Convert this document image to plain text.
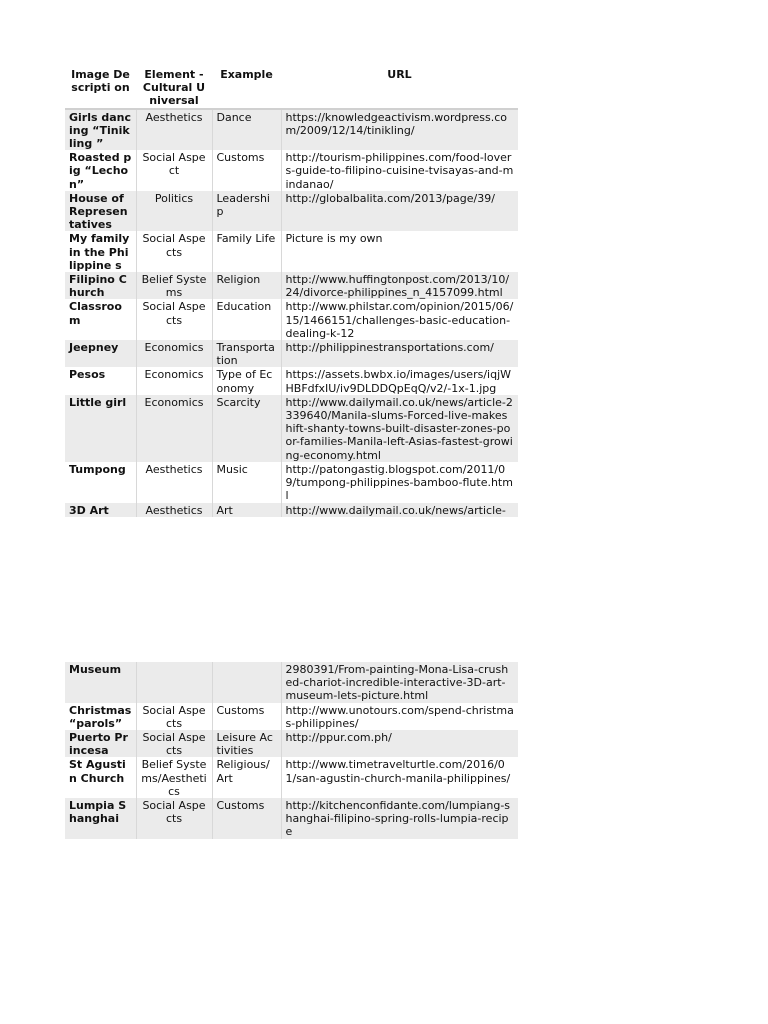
Image Descripti on	Element - Cultural Universal	Example	URL
Girls dancing “Tinikling ”	Aesthetics	Dance	https://knowledgeactivism.wordpress.com/2009/12/14/tinikling/
Roasted pig “Lechon”	Social Aspect	Customs	http://tourism-philippines.com/food-lovers-guide-to-filipino-cuisine-tvisayas-and-mindanao/
House of Represen tatives	Politics	Leadership	http://globalbalita.com/2013/page/39/
My family in the Philippine s	Social Aspects	Family Life	Picture is my own
Filipino Church	Belief Systems	Religion	http://www.huffingtonpost.com/2013/10/24/divorce-philippines_n_4157099.html
Classroo m	Social Aspects	Education	http://www.philstar.com/opinion/2015/06/15/1466151/challenges-basic-education-dealing-k-12
Jeepney	Economics	Transporta tion	http://philippinestransportations.com/
Pesos	Economics	Type of Economy	https://assets.bwbx.io/images/users/iqjWHBFdfxIU/iv9DLDDQpEqQ/v2/-1x-1.jpg
Little girl	Economics	Scarcity	http://www.dailymail.co.uk/news/article-2339640/Manila-slums-Forced-live-makeshift-shanty-towns-built-disaster-zones-poor-families-Manila-left-Asias-fastest-growing-economy.html
Tumpong	Aesthetics	Music	http://patongastig.blogspot.com/2011/09/tumpong-philippines-bamboo-flute.html
3D Art	Aesthetics	Art	http://www.dailymail.co.uk/news/article-
Museum			2980391/From-painting-Mona-Lisa-crushed-chariot-incredible-interactive-3D-art-museum-lets-picture.html
Christmas “parols”	Social Aspects	Customs	http://www.unotours.com/spend-christmas-philippines/
Puerto Princesa	Social Aspects	Leisure Activities	http://ppur.com.ph/
St Agustin Church	Belief Systems/Aesthetics	Religious/Art	http://www.timetravelturtle.com/2016/01/san-agustin-church-manila-philippines/
Lumpia Shanghai	Social Aspects	Customs	http://kitchenconfidante.com/lumpiang-shanghai-filipino-spring-rolls-lumpia-recipe
